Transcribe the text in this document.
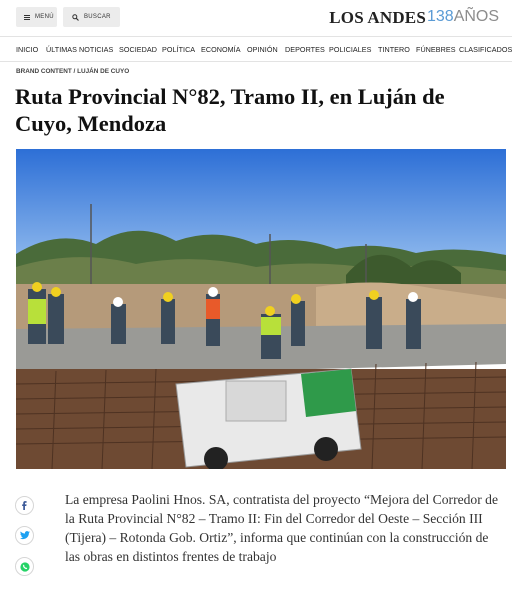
MENÚ	BUSCAR	LOS ANDES 138AÑOS
INICIO ÚLTIMAS NOTICIAS SOCIEDAD POLÍTICA ECONOMÍA OPINIÓN DEPORTES POLICIALES TINTERO FÚNEBRES CLASIFICADOS
BRAND CONTENT / LUJÁN DE CUYO
Ruta Provincial N°82, Tramo II, en Luján de Cuyo, Mendoza

La empresa Paolini Hnos. SA, contratista del proyecto “Mejora del Corredor de la Ruta Provincial N°82 – Tramo II: Fin del Corredor del Oeste – Sección III (Tijera) – Rotonda Gob. Ortiz”, informa que continúan con la construcción de las obras en distintos frentes de trabajo
